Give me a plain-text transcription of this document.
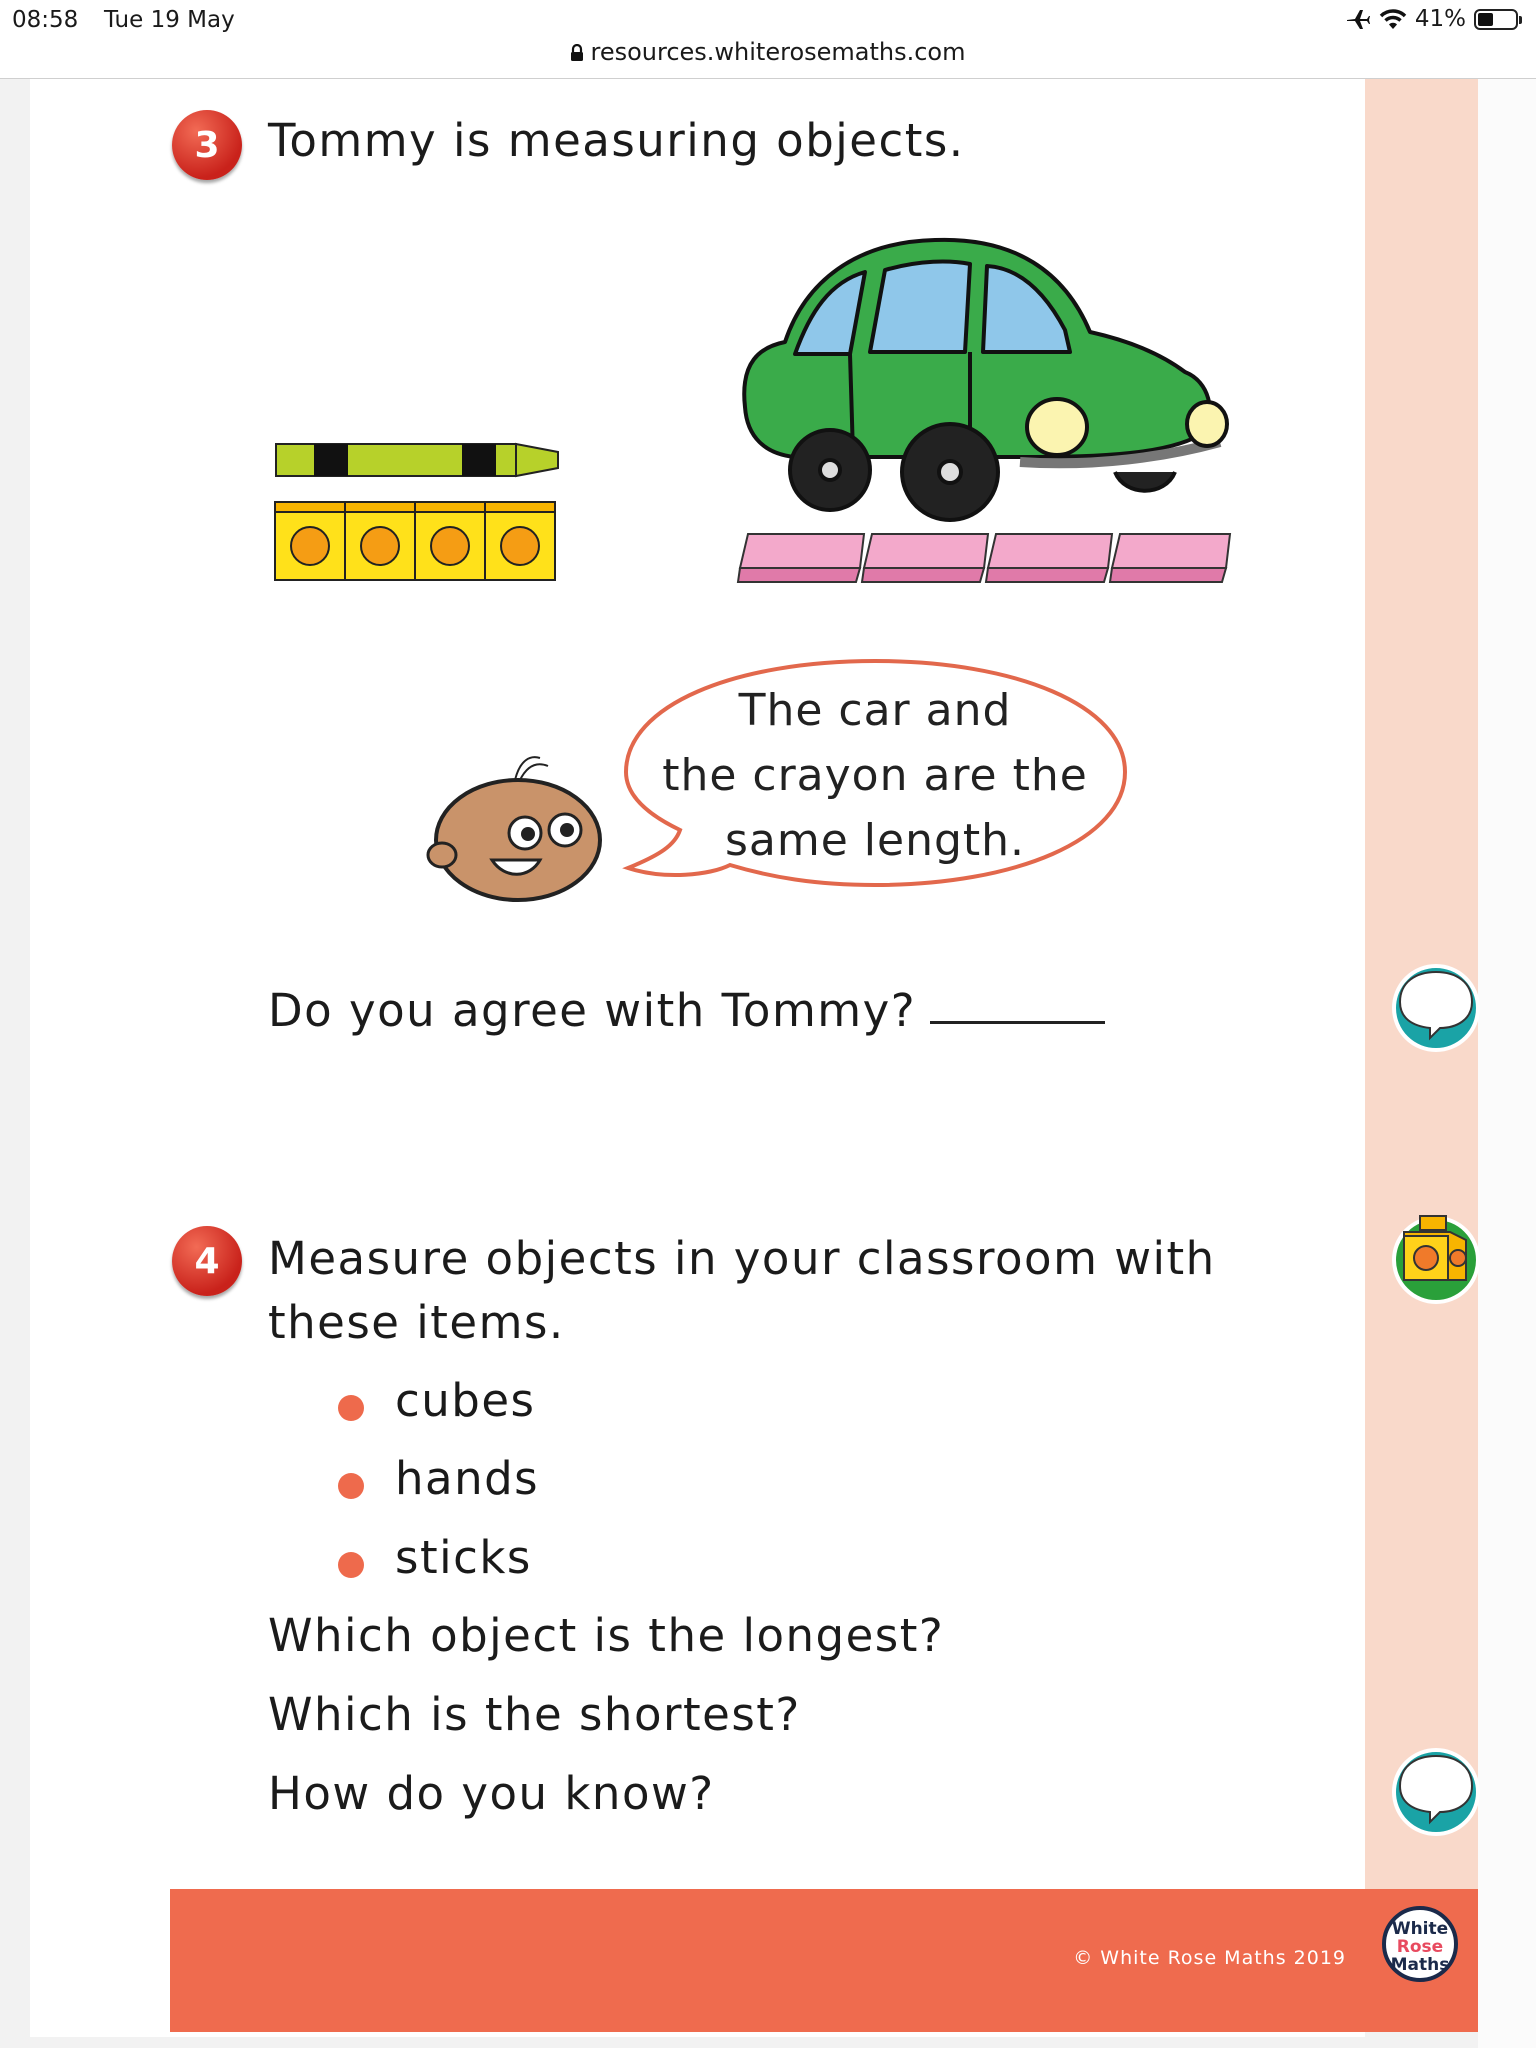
08:58 Tue 19 May	41%
resources.whiterosemaths.com
3	Tommy is measuring objects.
The car and
the crayon are the
same length.
Do you agree with Tommy?
4	Measure objects in your classroom with
these items.
cubes
hands
sticks
Which object is the longest?
Which is the shortest?
How do you know?
© White Rose Maths 2019
White
Rose
Maths
